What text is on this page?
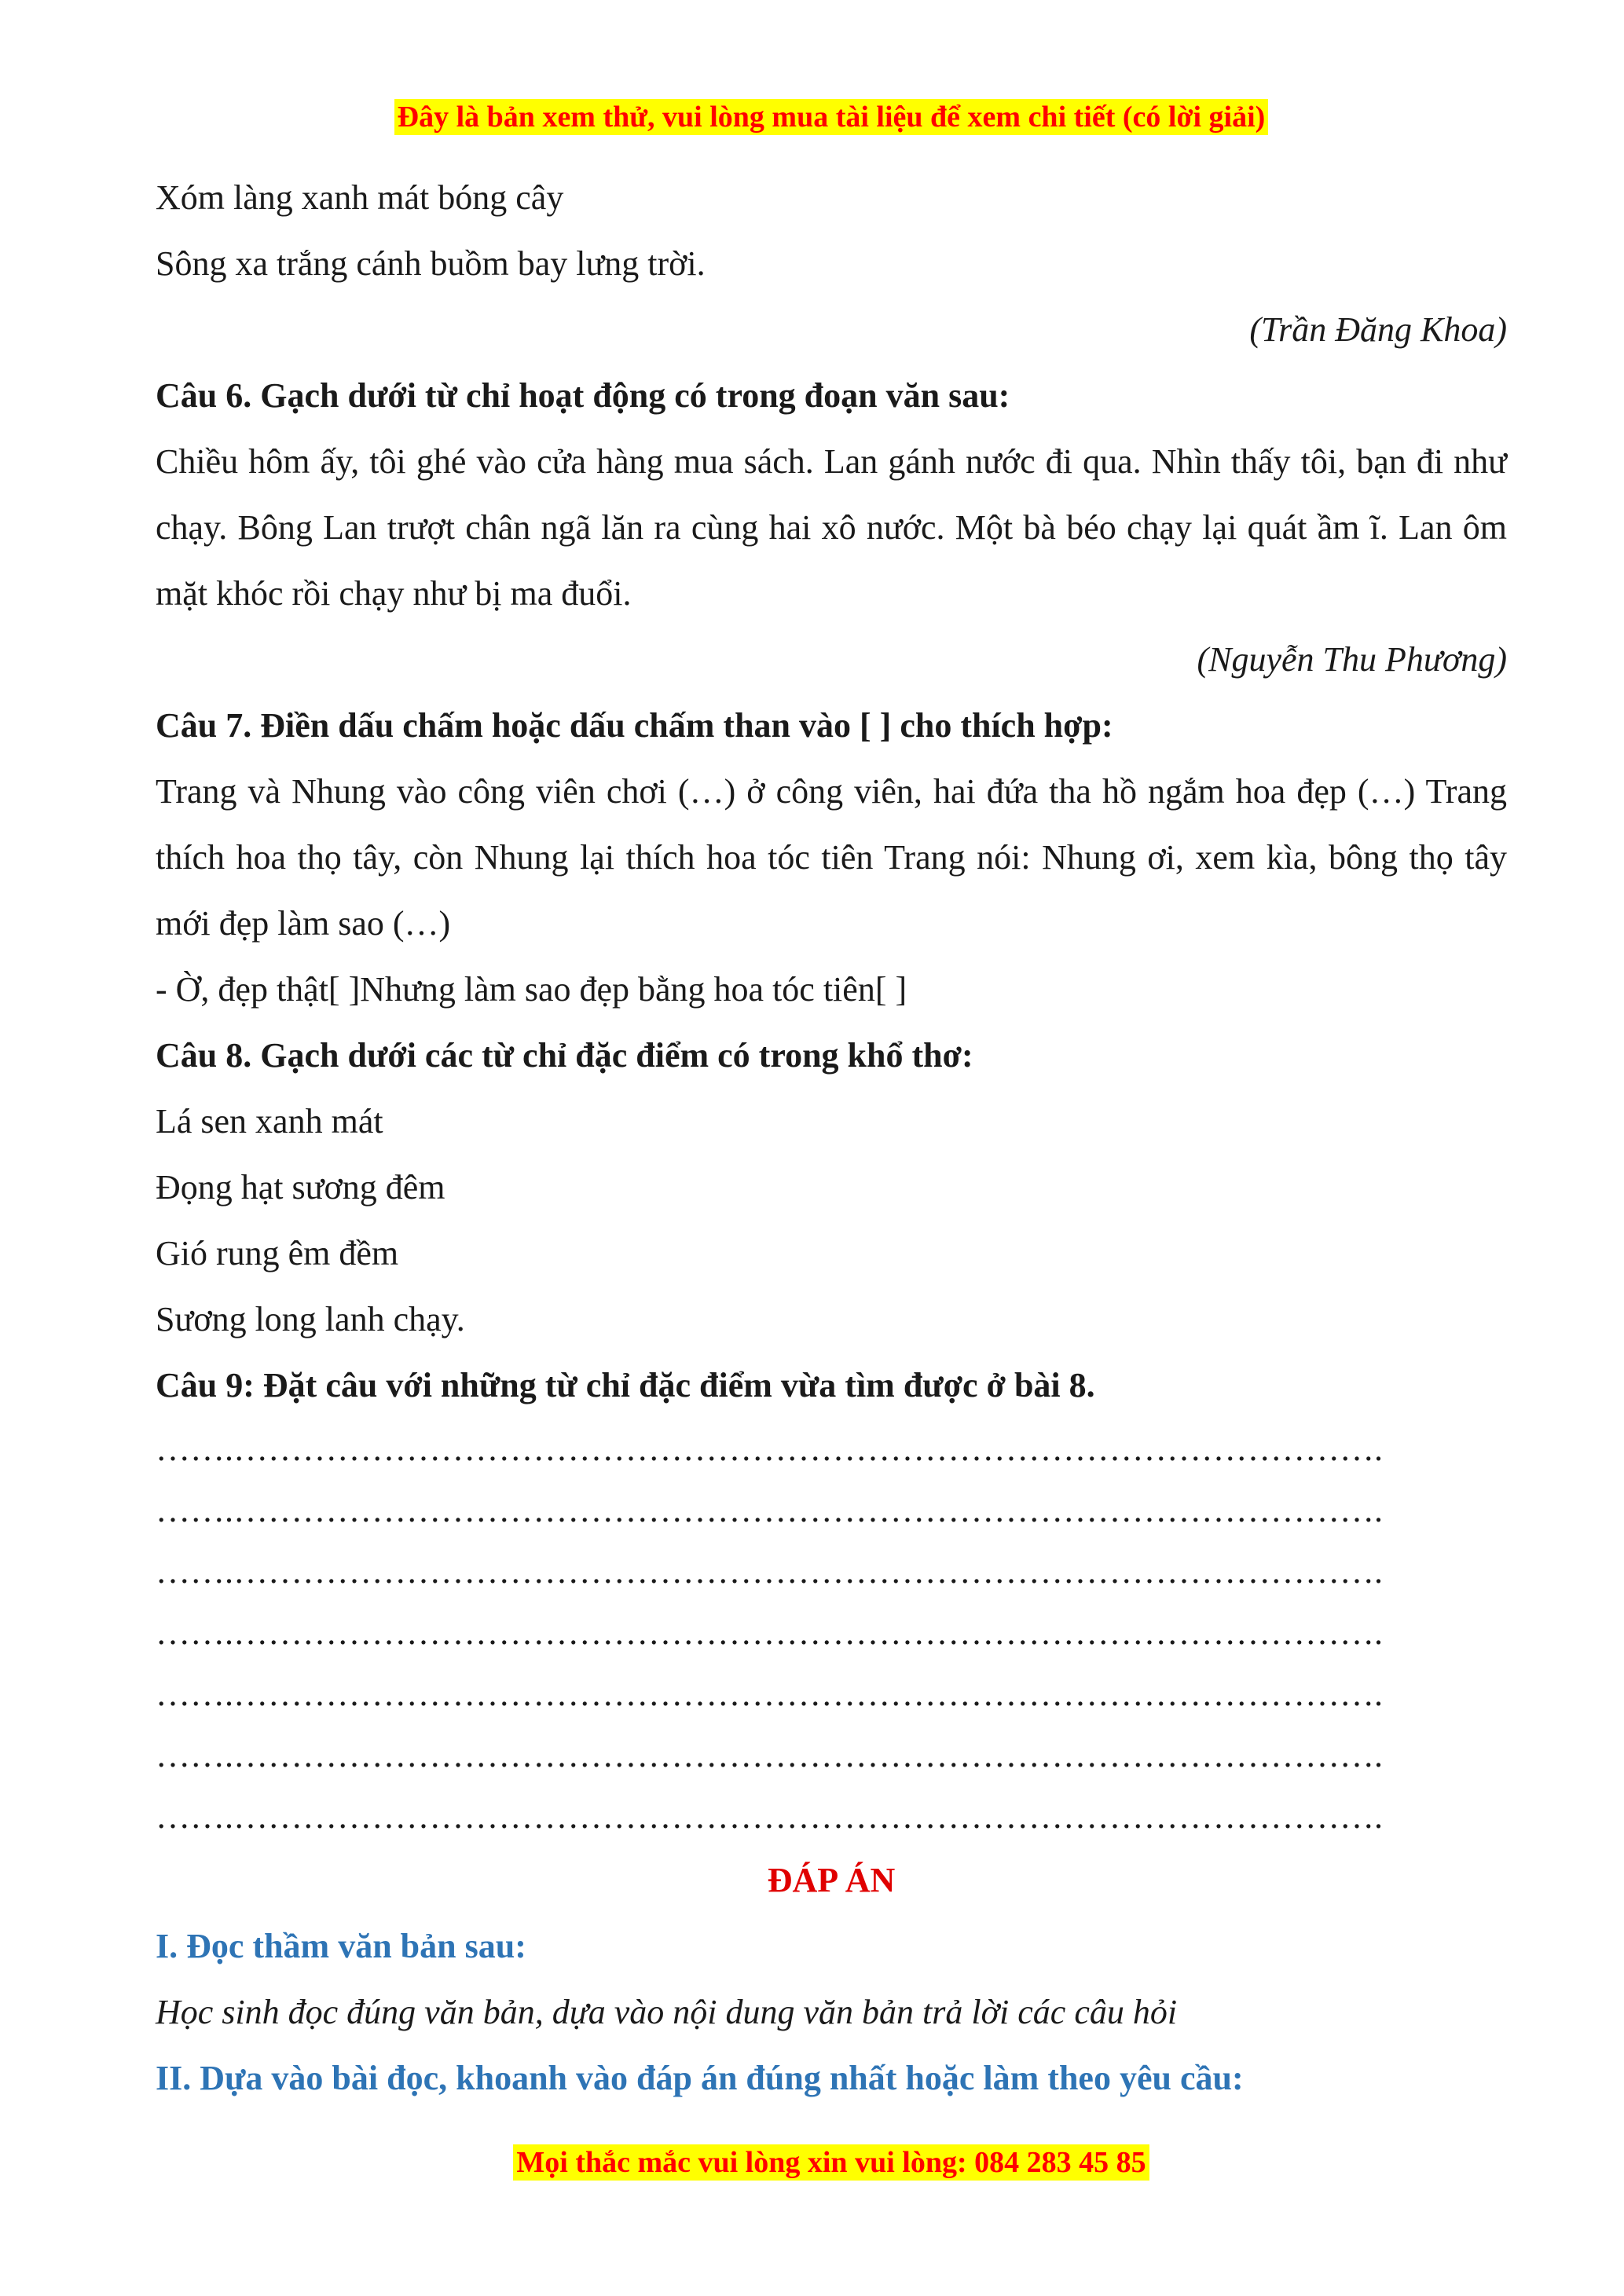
Đây là bản xem thử, vui lòng mua tài liệu để xem chi tiết (có lời giải)
Xóm làng xanh mát bóng cây
Sông xa trắng cánh buồm bay lưng trời.
(Trần Đăng Khoa)
Câu 6. Gạch dưới từ chỉ hoạt động có trong đoạn văn sau:
Chiều hôm ấy, tôi ghé vào cửa hàng mua sách. Lan gánh nước đi qua. Nhìn thấy tôi, bạn đi như chạy. Bông Lan trượt chân ngã lăn ra cùng hai xô nước. Một bà béo chạy lại quát ầm ĩ. Lan ôm mặt khóc rồi chạy như bị ma đuổi.
(Nguyễn Thu Phương)
Câu 7. Điền dấu chấm hoặc dấu chấm than vào [ ] cho thích hợp:
Trang và Nhung vào công viên chơi (…) ở công viên, hai đứa tha hồ ngắm hoa đẹp (…) Trang thích hoa thọ tây, còn Nhung lại thích hoa tóc tiên Trang nói: Nhung ơi, xem kìa, bông thọ tây mới đẹp làm sao (…)
- Ờ, đẹp thật[ ]Nhưng làm sao đẹp bằng hoa tóc tiên[ ]
Câu 8. Gạch dưới các từ chỉ đặc điểm có trong khổ thơ:
Lá sen xanh mát
Đọng hạt sương đêm
Gió rung êm đềm
Sương long lanh chạy.
Câu 9: Đặt câu với những từ chỉ đặc điểm vừa tìm được ở bài 8.
…….……………………………………………………………………………………….
…….……………………………………………………………………………………….
…….……………………………………………………………………………………….
…….……………………………………………………………………………………….
…….……………………………………………………………………………………….
…….……………………………………………………………………………………….
…….……………………………………………………………………………………….
ĐÁP ÁN
I. Đọc thầm văn bản sau:
Học sinh đọc đúng văn bản, dựa vào nội dung văn bản trả lời các câu hỏi
II. Dựa vào bài đọc, khoanh vào đáp án đúng nhất hoặc làm theo yêu cầu:
Mọi thắc mắc vui lòng xin vui lòng: 084 283 45 85
